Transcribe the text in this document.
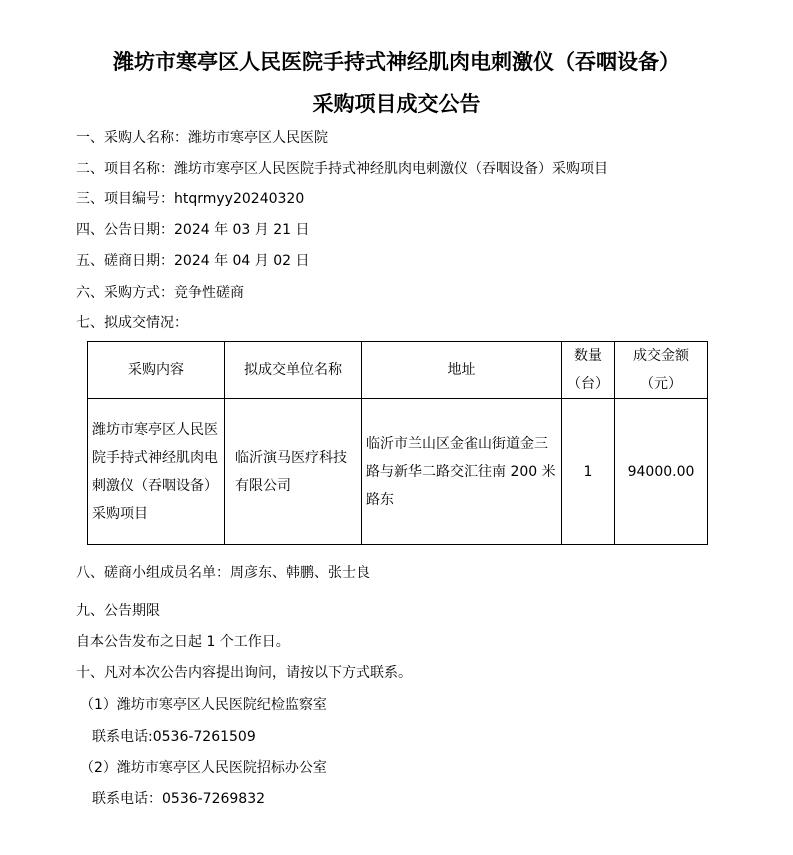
潍坊市寒亭区人民医院手持式神经肌肉电刺激仪（吞咽设备）
采购项目成交公告
一、采购人名称：潍坊市寒亭区人民医院
二、项目名称：潍坊市寒亭区人民医院手持式神经肌肉电刺激仪（吞咽设备）采购项目
三、项目编号：htqrmyy20240320
四、公告日期：2024 年 03 月 21 日
五、磋商日期：2024 年 04 月 02 日
六、采购方式：竞争性磋商
七、拟成交情况：
采购内容	拟成交单位名称	地址	数量（台）	成交金额（元）
潍坊市寒亭区人民医院手持式神经肌肉电刺激仪（吞咽设备）采购项目	临沂演马医疗科技有限公司	临沂市兰山区金雀山街道金三路与新华二路交汇往南 200 米路东	1	94000.00
八、磋商小组成员名单：周彦东、韩鹏、张士良
九、公告期限
自本公告发布之日起 1 个工作日。
十、凡对本次公告内容提出询问，请按以下方式联系。
（1）潍坊市寒亭区人民医院纪检监察室
联系电话:0536-7261509
（2）潍坊市寒亭区人民医院招标办公室
联系电话：0536-7269832
